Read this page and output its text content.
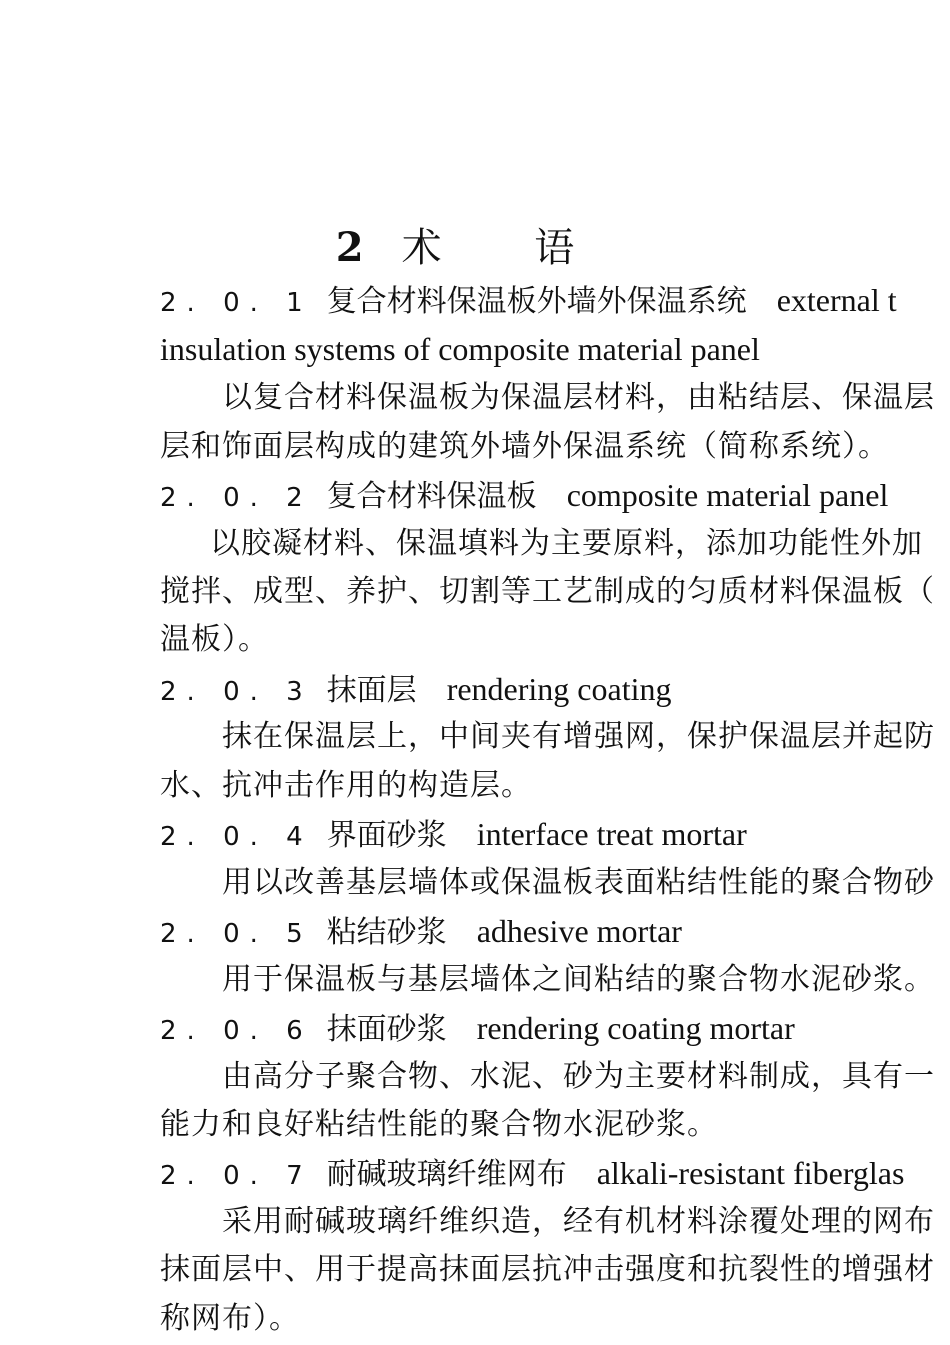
2 术 语
2. 0. 1 复合材料保温板外墙外保温系统 external t
insulation systems of composite material panel
以复合材料保温板为保温层材料，由粘结层、保温层
层和饰面层构成的建筑外墙外保温系统（简称系统）。
2. 0. 2 复合材料保温板 composite material panel
以胶凝材料、保温填料为主要原料，添加功能性外加
搅拌、成型、养护、切割等工艺制成的匀质材料保温板（
温板）。
2. 0. 3 抹面层 rendering coating
抹在保温层上，中间夹有增强网，保护保温层并起防
水、抗冲击作用的构造层。
2. 0. 4 界面砂浆 interface treat mortar
用以改善基层墙体或保温板表面粘结性能的聚合物砂
2. 0. 5 粘结砂浆 adhesive mortar
用于保温板与基层墙体之间粘结的聚合物水泥砂浆。
2. 0. 6 抹面砂浆 rendering coating mortar
由高分子聚合物、水泥、砂为主要材料制成，具有一
能力和良好粘结性能的聚合物水泥砂浆。
2. 0. 7 耐碱玻璃纤维网布 alkali-resistant fiberglas
采用耐碱玻璃纤维织造，经有机材料涂覆处理的网布
抹面层中、用于提高抹面层抗冲击强度和抗裂性的增强材
称网布）。
